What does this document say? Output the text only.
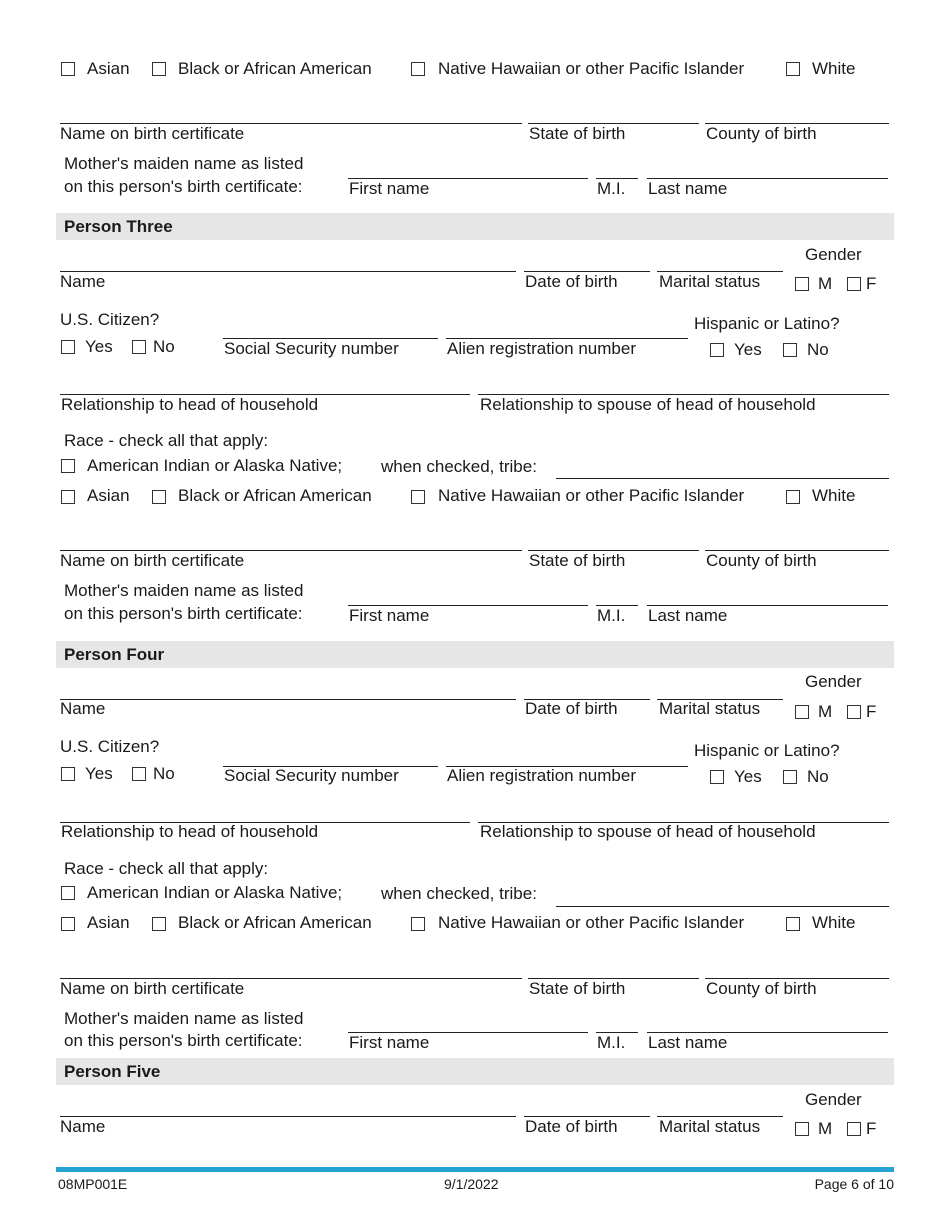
Asian	Black or African American	Native Hawaiian or other Pacific Islander	White
Name on birth certificate	State of birth	County of birth
Mother's maiden name as listed
on this person's birth certificate:	First name	M.I. Last name
Person Three
Gender
Name	Date of birth Marital status	M F
U.S. Citizen?
Yes No	Social Security number	Alien registration number
Hispanic or Latino?
Yes	No
Relationship to head of household	Relationship to spouse of head of household
Race - check all that apply:
American Indian or Alaska Native; when checked, tribe:
Asian	Black or African American	Native Hawaiian or other Pacific Islander	White
Name on birth certificate	State of birth	County of birth
Mother's maiden name as listed
on this person's birth certificate:	First name	M.I. Last name
Person Four
Gender
Name	Date of birth Marital status	M F
U.S. Citizen?
Yes No	Social Security number	Alien registration number
Hispanic or Latino?
Yes	No
Relationship to head of household	Relationship to spouse of head of household
Race - check all that apply:
American Indian or Alaska Native; when checked, tribe:
Asian	Black or African American	Native Hawaiian or other Pacific Islander	White
Name on birth certificate	State of birth	County of birth
Mother's maiden name as listed
on this person's birth certificate:	First name	M.I. Last name
Person Five
Gender
Name	Date of birth Marital status	M F
08MP001E	9/1/2022	Page 6 of 10
